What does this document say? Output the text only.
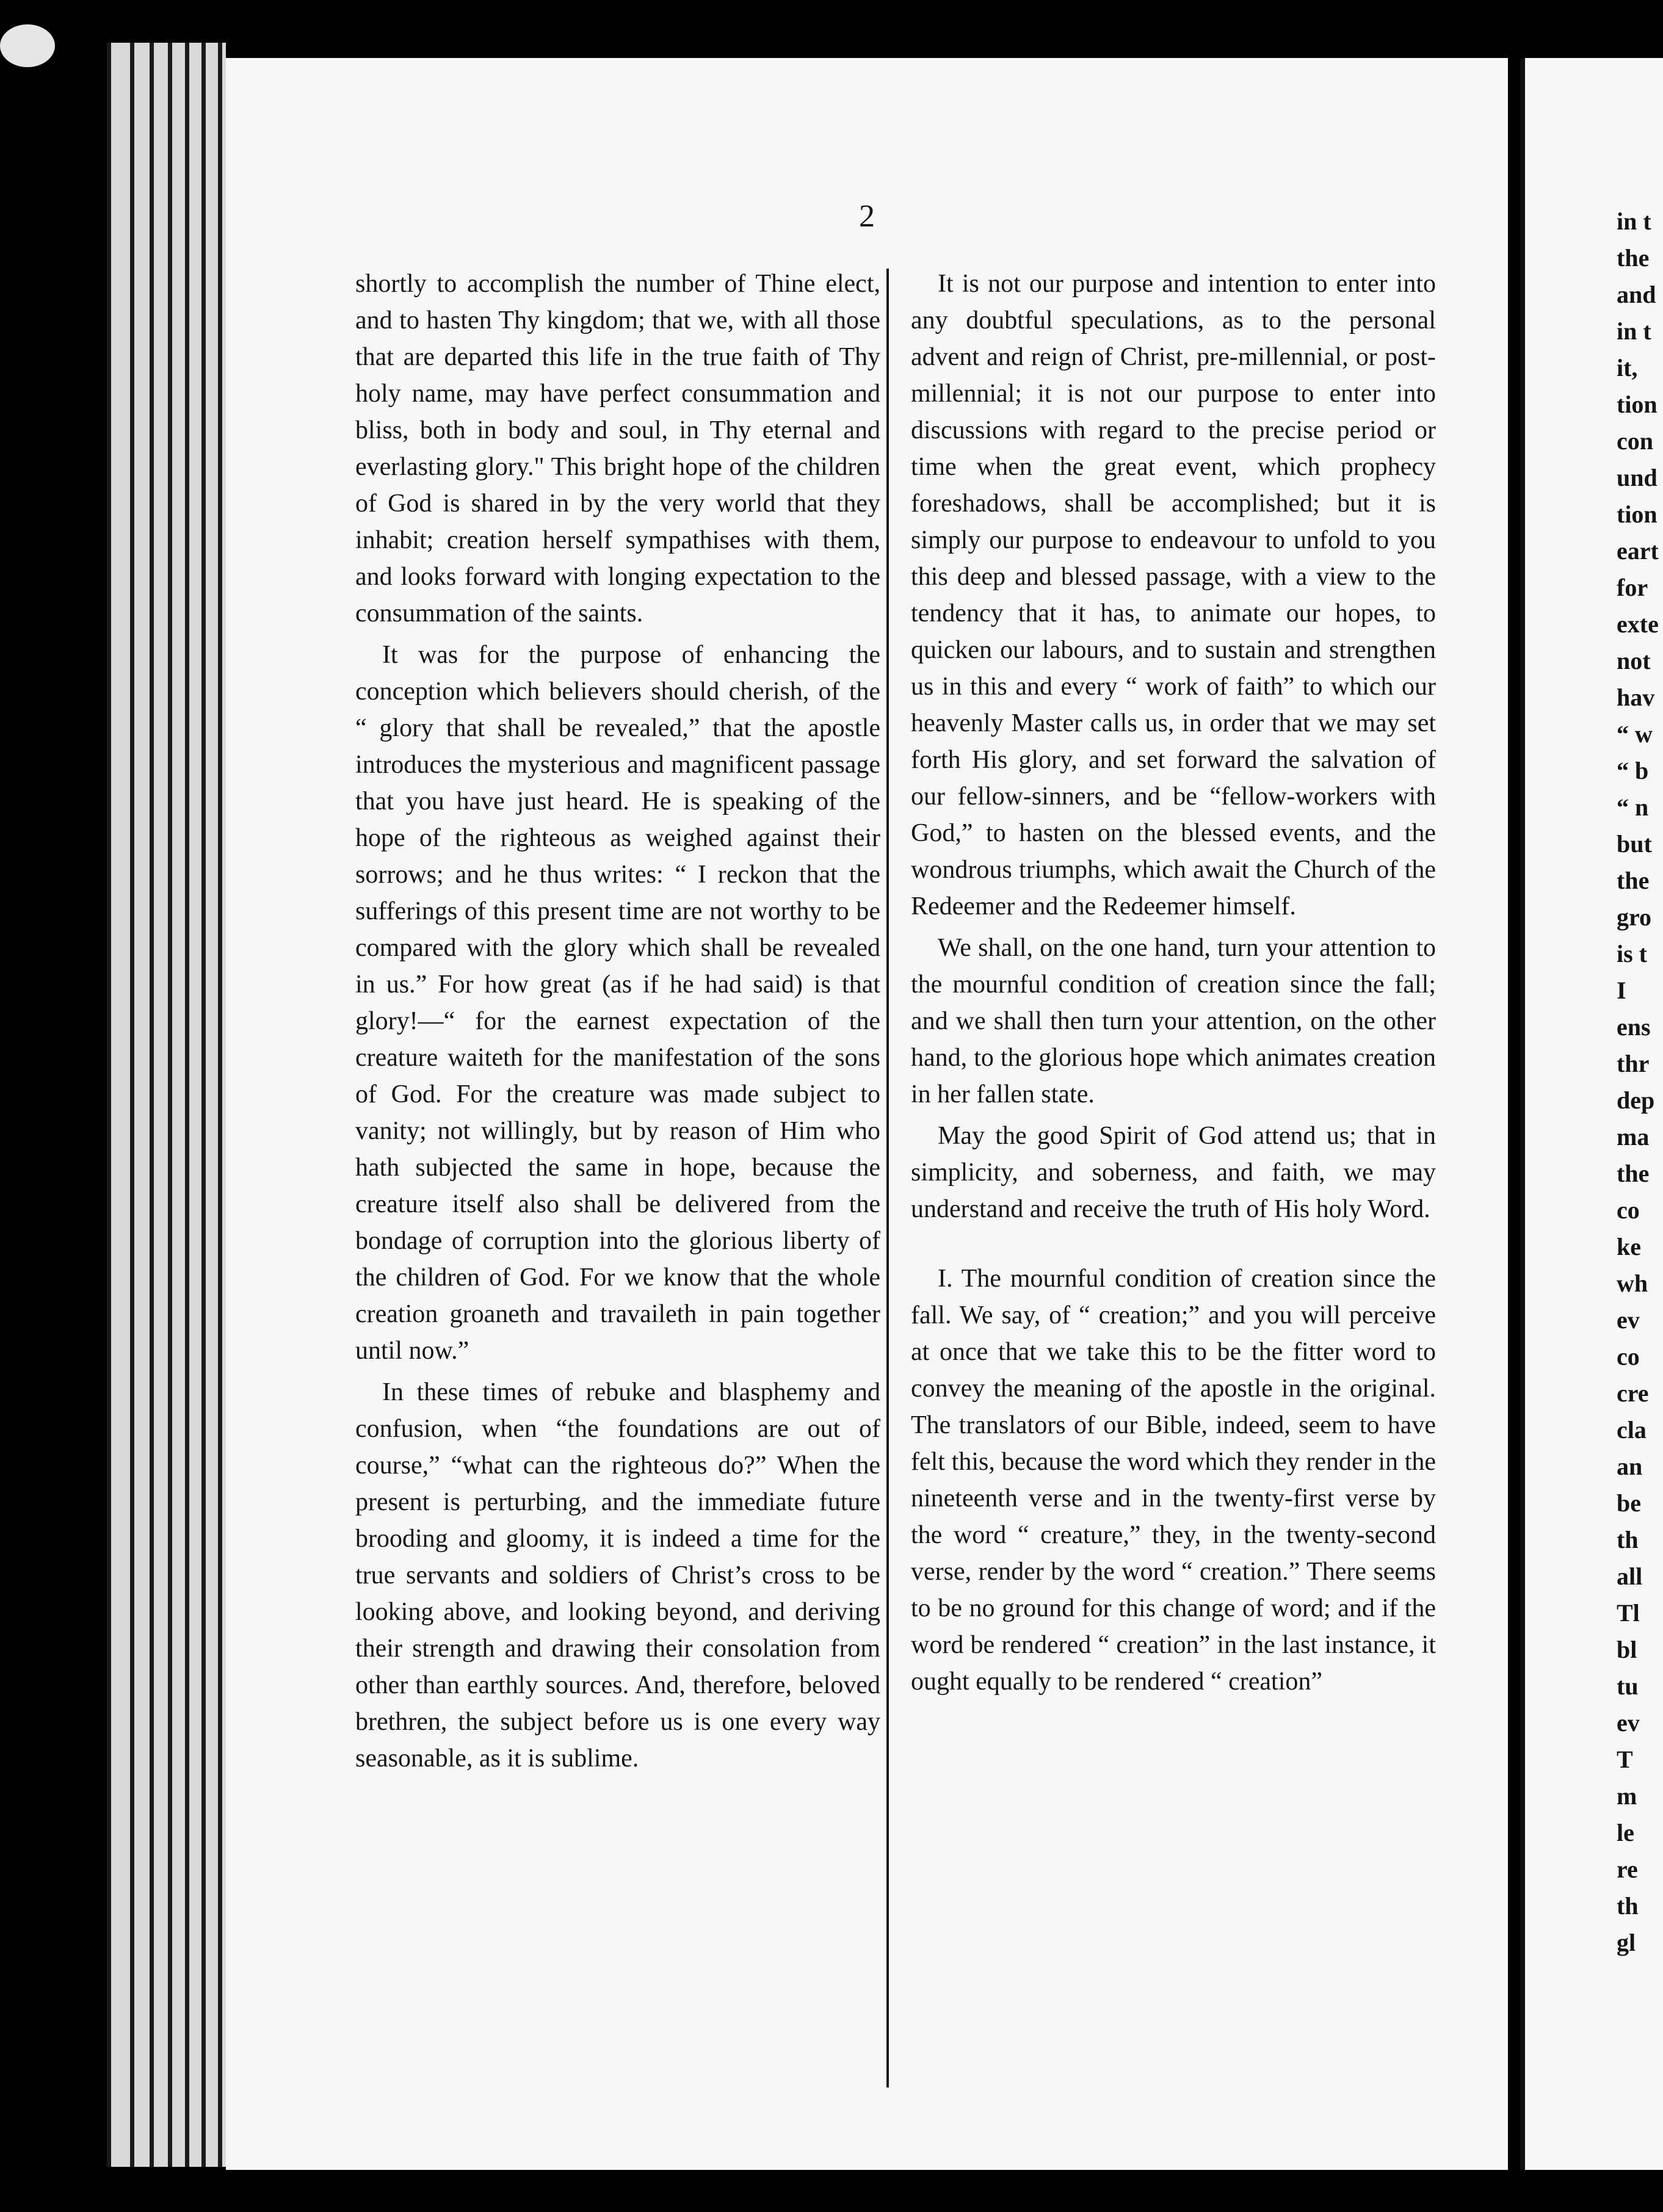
2

shortly to accomplish the number of Thine elect, and to hasten Thy kingdom; that we, with all those that are departed this life in the true faith of Thy holy name, may have perfect consummation and bliss, both in body and soul, in Thy eternal and everlasting glory." This bright hope of the children of God is shared in by the very world that they inhabit; creation herself sympathises with them, and looks forward with longing expectation to the consummation of the saints.

It was for the purpose of enhancing the conception which believers should cherish, of the “ glory that shall be revealed,” that the apostle introduces the mysterious and magnificent passage that you have just heard. He is speaking of the hope of the righteous as weighed against their sorrows; and he thus writes: “ I reckon that the sufferings of this present time are not worthy to be compared with the glory which shall be revealed in us.” For how great (as if he had said) is that glory!—“ for the earnest expectation of the creature waiteth for the manifestation of the sons of God. For the creature was made subject to vanity; not willingly, but by reason of Him who hath subjected the same in hope, because the creature itself also shall be delivered from the bondage of corruption into the glorious liberty of the children of God. For we know that the whole creation groaneth and travaileth in pain together until now.”

In these times of rebuke and blasphemy and confusion, when “the foundations are out of course,” “what can the righteous do?” When the present is perturbing, and the immediate future brooding and gloomy, it is indeed a time for the true servants and soldiers of Christ’s cross to be looking above, and looking beyond, and deriving their strength and drawing their consolation from other than earthly sources. And, therefore, beloved brethren, the subject before us is one every way seasonable, as it is sublime.

It is not our purpose and intention to enter into any doubtful speculations, as to the personal advent and reign of Christ, pre-millennial, or post-millennial; it is not our purpose to enter into discussions with regard to the precise period or time when the great event, which prophecy foreshadows, shall be accomplished; but it is simply our purpose to endeavour to unfold to you this deep and blessed passage, with a view to the tendency that it has, to animate our hopes, to quicken our labours, and to sustain and strengthen us in this and every “ work of faith” to which our heavenly Master calls us, in order that we may set forth His glory, and set forward the salvation of our fellow-sinners, and be “fellow-workers with God,” to hasten on the blessed events, and the wondrous triumphs, which await the Church of the Redeemer and the Redeemer himself.

We shall, on the one hand, turn your attention to the mournful condition of creation since the fall; and we shall then turn your attention, on the other hand, to the glorious hope which animates creation in her fallen state.

May the good Spirit of God attend us; that in simplicity, and soberness, and faith, we may understand and receive the truth of His holy Word.

I. The mournful condition of creation since the fall. We say, of “ creation;” and you will perceive at once that we take this to be the fitter word to convey the meaning of the apostle in the original. The translators of our Bible, indeed, seem to have felt this, because the word which they render in the nineteenth verse and in the twenty-first verse by the word “ creature,” they, in the twenty-second verse, render by the word “ creation.” There seems to be no ground for this change of word; and if the word be rendered “ creation” in the last instance, it ought equally to be rendered “ creation”

in t
the
and
in t
it,
tion
con
und
tion
eart
for
exte
not
hav
“ w
“ b
“ n
but
the
gro
is t
I
ens
thr
dep
ma
the
co
ke
wh
ev
co
cre
cla
an
be
th
all
Tl
bl
tu
ev
T
m
le
re
th
gl
